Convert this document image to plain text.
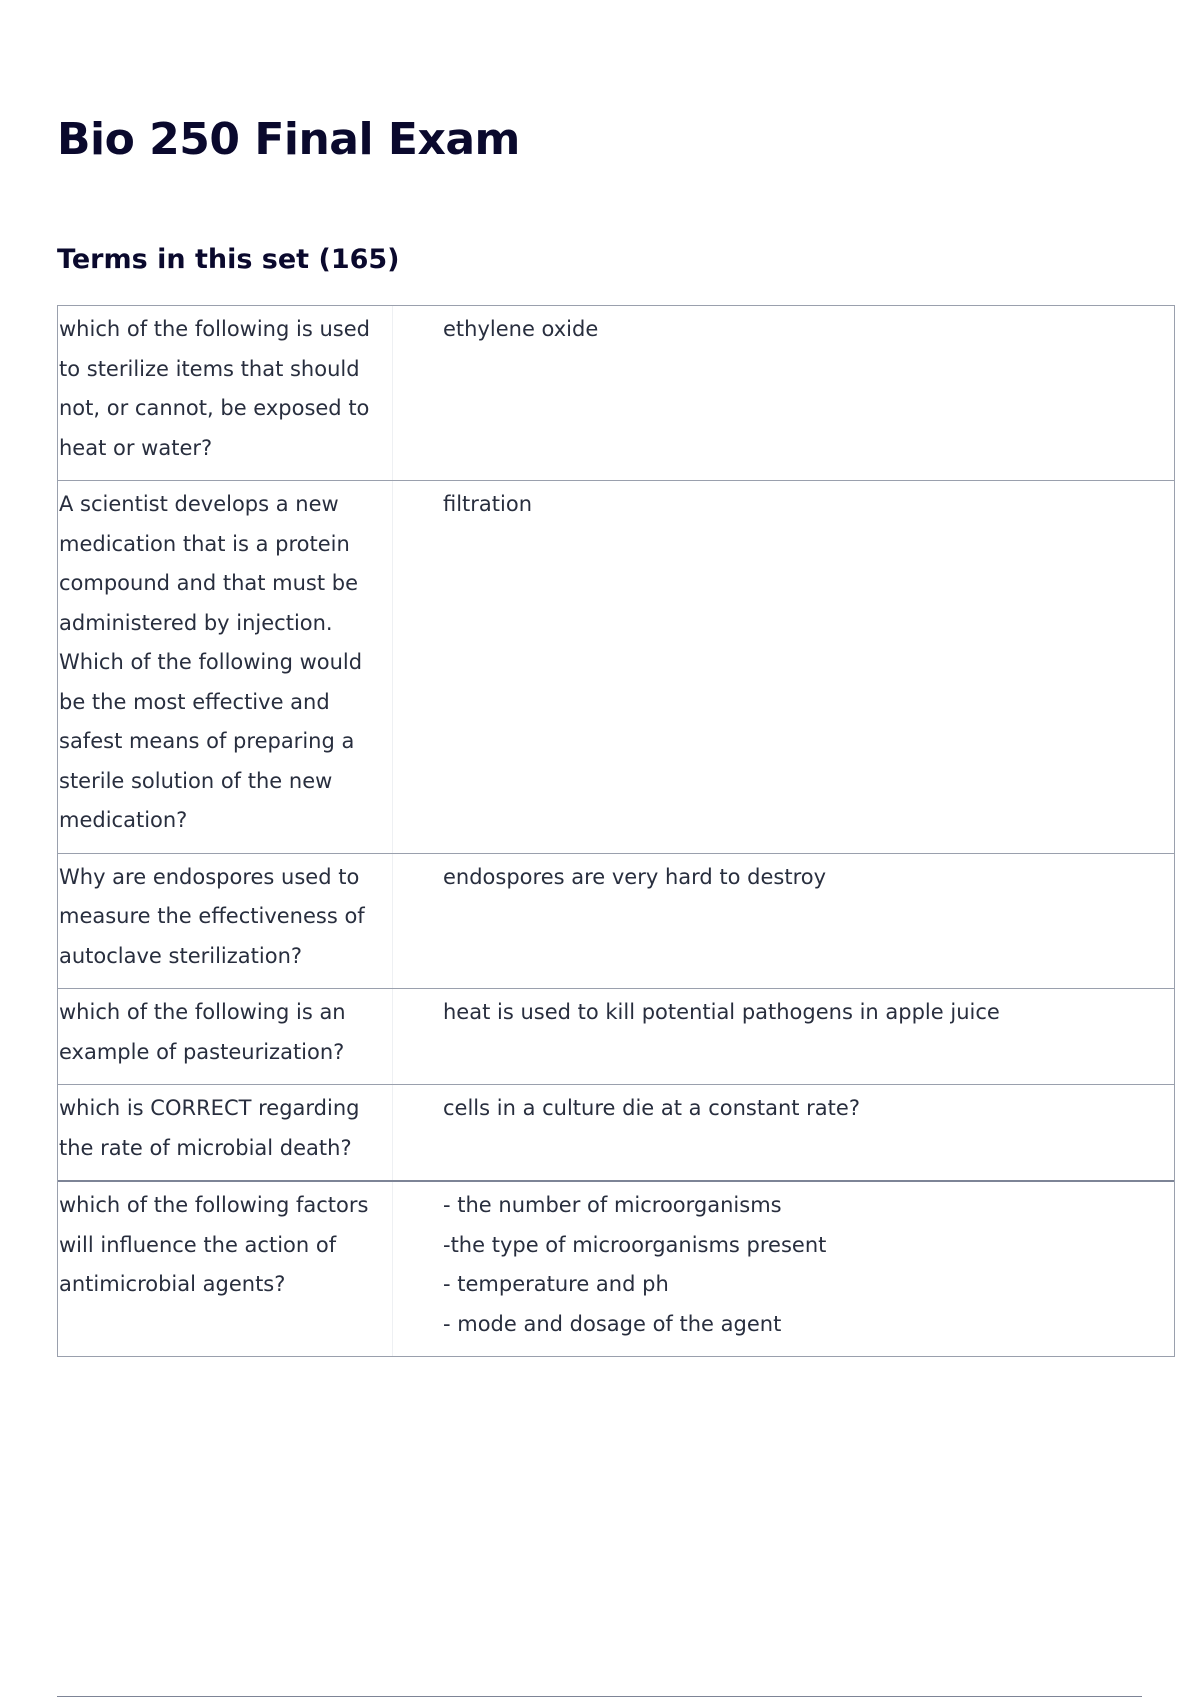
Bio 250 Final Exam
Terms in this set (165)
which of the following is used to sterilize items that should not, or cannot, be exposed to heat or water?
ethylene oxide
A scientist develops a new medication that is a protein compound and that must be administered by injection. Which of the following would be the most effective and safest means of preparing a sterile solution of the new medication?
filtration
Why are endospores used to measure the effectiveness of autoclave sterilization?
endospores are very hard to destroy
which of the following is an example of pasteurization?
heat is used to kill potential pathogens in apple juice
which is CORRECT regarding the rate of microbial death?
cells in a culture die at a constant rate?
which of the following factors will influence the action of antimicrobial agents?
- the number of microorganisms
-the type of microorganisms present
- temperature and ph
- mode and dosage of the agent
